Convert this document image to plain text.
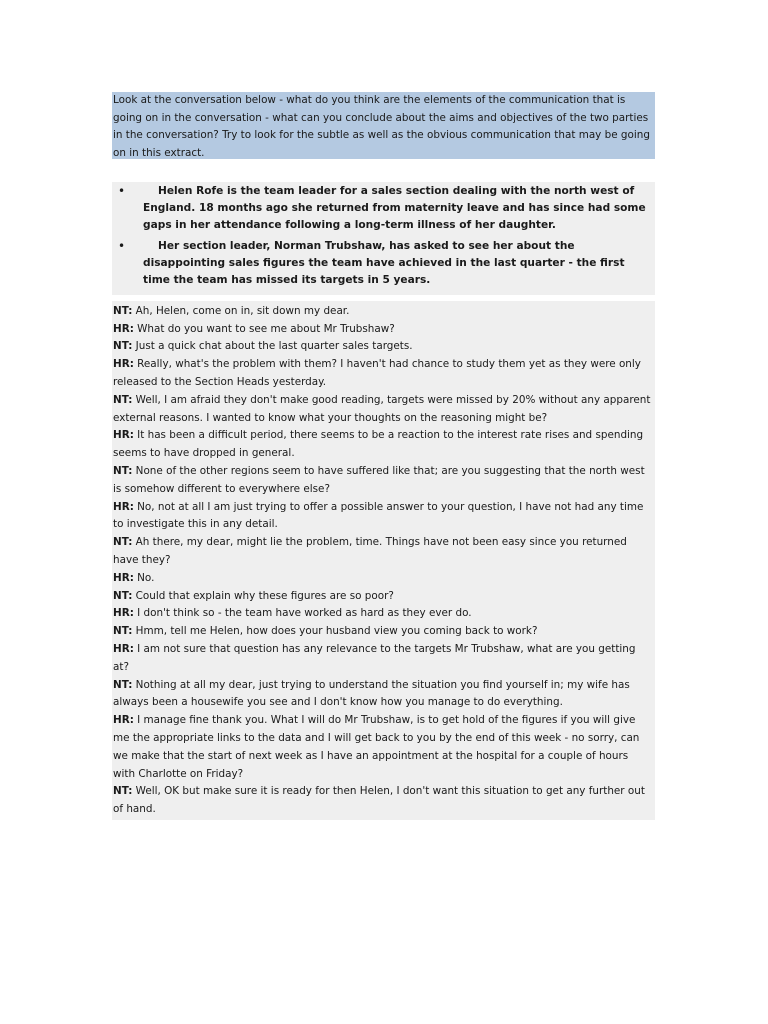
Look at the conversation below - what do you think are the elements of the communication that is going on in the conversation - what can you conclude about the aims and objectives of the two parties in the conversation? Try to look for the subtle as well as the obvious communication that may be going on in this extract.
•	Helen Rofe is the team leader for a sales section dealing with the north west of England. 18 months ago she returned from maternity leave and has since had some gaps in her attendance following a long-term illness of her daughter.
•	Her section leader, Norman Trubshaw, has asked to see her about the disappointing sales figures the team have achieved in the last quarter - the first time the team has missed its targets in 5 years.
NT: Ah, Helen, come on in, sit down my dear.
HR: What do you want to see me about Mr Trubshaw?
NT: Just a quick chat about the last quarter sales targets.
HR: Really, what's the problem with them? I haven't had chance to study them yet as they were only released to the Section Heads yesterday.
NT: Well, I am afraid they don't make good reading, targets were missed by 20% without any apparent external reasons. I wanted to know what your thoughts on the reasoning might be?
HR: It has been a difficult period, there seems to be a reaction to the interest rate rises and spending seems to have dropped in general.
NT: None of the other regions seem to have suffered like that; are you suggesting that the north west is somehow different to everywhere else?
HR: No, not at all I am just trying to offer a possible answer to your question, I have not had any time to investigate this in any detail.
NT: Ah there, my dear, might lie the problem, time. Things have not been easy since you returned have they?
HR: No.
NT: Could that explain why these figures are so poor?
HR: I don't think so - the team have worked as hard as they ever do.
NT: Hmm, tell me Helen, how does your husband view you coming back to work?
HR: I am not sure that question has any relevance to the targets Mr Trubshaw, what are you getting at?
NT: Nothing at all my dear, just trying to understand the situation you find yourself in; my wife has always been a housewife you see and I don't know how you manage to do everything.
HR: I manage fine thank you. What I will do Mr Trubshaw, is to get hold of the figures if you will give me the appropriate links to the data and I will get back to you by the end of this week - no sorry, can we make that the start of next week as I have an appointment at the hospital for a couple of hours with Charlotte on Friday?
NT: Well, OK but make sure it is ready for then Helen, I don't want this situation to get any further out of hand.
